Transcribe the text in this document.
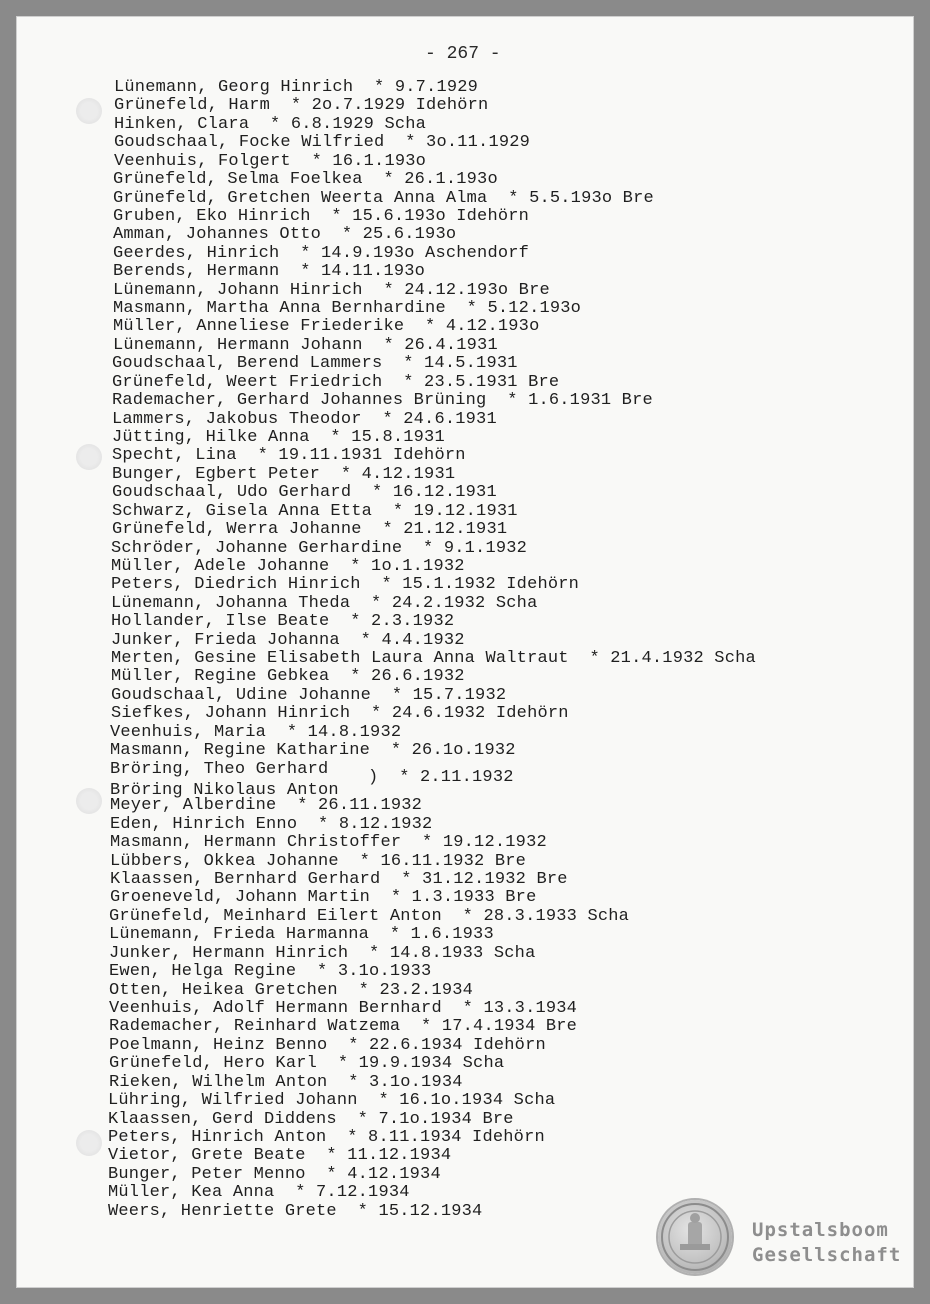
- 267 -
Lünemann, Georg Hinrich  * 9.7.1929
Grünefeld, Harm  * 2o.7.1929 Idehörn
Hinken, Clara  * 6.8.1929 Scha
Goudschaal, Focke Wilfried  * 3o.11.1929
Veenhuis, Folgert  * 16.1.193o
Grünefeld, Selma Foelkea  * 26.1.193o
Grünefeld, Gretchen Weerta Anna Alma  * 5.5.193o Bre
Gruben, Eko Hinrich  * 15.6.193o Idehörn
Amman, Johannes Otto  * 25.6.193o
Geerdes, Hinrich  * 14.9.193o Aschendorf
Berends, Hermann  * 14.11.193o
Lünemann, Johann Hinrich  * 24.12.193o Bre
Masmann, Martha Anna Bernhardine  * 5.12.193o
Müller, Anneliese Friederike  * 4.12.193o
Lünemann, Hermann Johann  * 26.4.1931
Goudschaal, Berend Lammers  * 14.5.1931
Grünefeld, Weert Friedrich  * 23.5.1931 Bre
Rademacher, Gerhard Johannes Brüning  * 1.6.1931 Bre
Lammers, Jakobus Theodor  * 24.6.1931
Jütting, Hilke Anna  * 15.8.1931
Specht, Lina  * 19.11.1931 Idehörn
Bunger, Egbert Peter  * 4.12.1931
Goudschaal, Udo Gerhard  * 16.12.1931
Schwarz, Gisela Anna Etta  * 19.12.1931
Grünefeld, Werra Johanne  * 21.12.1931
Schröder, Johanne Gerhardine  * 9.1.1932
Müller, Adele Johanne  * 1o.1.1932
Peters, Diedrich Hinrich  * 15.1.1932 Idehörn
Lünemann, Johanna Theda  * 24.2.1932 Scha
Hollander, Ilse Beate  * 2.3.1932
Junker, Frieda Johanna  * 4.4.1932
Merten, Gesine Elisabeth Laura Anna Waltraut  * 21.4.1932 Scha
Müller, Regine Gebkea  * 26.6.1932
Goudschaal, Udine Johanne  * 15.7.1932
Siefkes, Johann Hinrich  * 24.6.1932 Idehörn
Veenhuis, Maria  * 14.8.1932
Masmann, Regine Katharine  * 26.1o.1932
Bröring, Theo Gerhard
Bröring Nikolaus Anton
Meyer, Alberdine  * 26.11.1932
Eden, Hinrich Enno  * 8.12.1932
Masmann, Hermann Christoffer  * 19.12.1932
Lübbers, Okkea Johanne  * 16.11.1932 Bre
Klaassen, Bernhard Gerhard  * 31.12.1932 Bre
Groeneveld, Johann Martin  * 1.3.1933 Bre
Grünefeld, Meinhard Eilert Anton  * 28.3.1933 Scha
Lünemann, Frieda Harmanna  * 1.6.1933
Junker, Hermann Hinrich  * 14.8.1933 Scha
Ewen, Helga Regine  * 3.1o.1933
Otten, Heikea Gretchen  * 23.2.1934
Veenhuis, Adolf Hermann Bernhard  * 13.3.1934
Rademacher, Reinhard Watzema  * 17.4.1934 Bre
Poelmann, Heinz Benno  * 22.6.1934 Idehörn
Grünefeld, Hero Karl  * 19.9.1934 Scha
Rieken, Wilhelm Anton  * 3.1o.1934
Lühring, Wilfried Johann  * 16.1o.1934 Scha
Klaassen, Gerd Diddens  * 7.1o.1934 Bre
Peters, Hinrich Anton  * 8.11.1934 Idehörn
Vietor, Grete Beate  * 11.12.1934
Bunger, Peter Menno  * 4.12.1934
Müller, Kea Anna  * 7.12.1934
Weers, Henriette Grete  * 15.12.1934
)  * 2.11.1932
Upstalsboom
Gesellschaft
